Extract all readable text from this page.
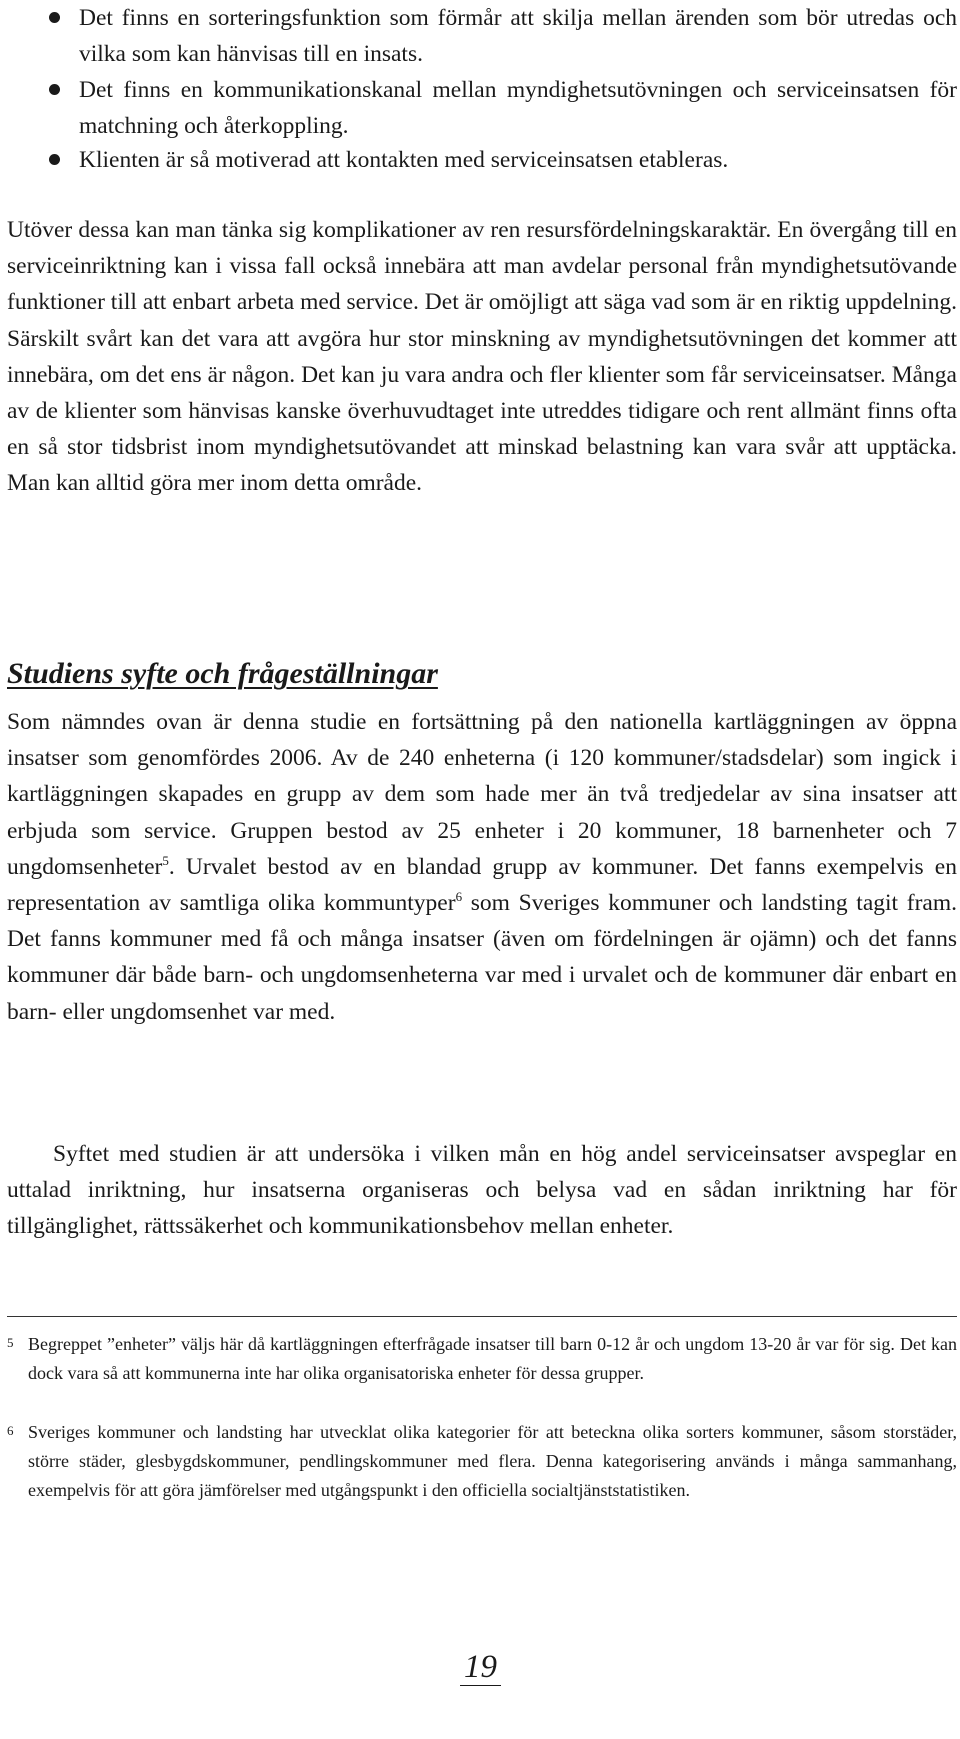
Det finns en sorteringsfunktion som förmår att skilja mellan ärenden som bör utredas och vilka som kan hänvisas till en insats.
Det finns en kommunikationskanal mellan myndighetsutövningen och serviceinsatsen för matchning och återkoppling.
Klienten är så motiverad att kontakten med serviceinsatsen etableras.

Utöver dessa kan man tänka sig komplikationer av ren resursfördelningskaraktär. En övergång till en serviceinriktning kan i vissa fall också innebära att man avdelar personal från myndighetsutövande funktioner till att enbart arbeta med service. Det är omöjligt att säga vad som är en riktig uppdelning. Särskilt svårt kan det vara att avgöra hur stor minskning av myndighetsutövningen det kommer att innebära, om det ens är någon. Det kan ju vara andra och fler klienter som får serviceinsatser. Många av de klienter som hänvisas kanske överhuvudtaget inte utreddes tidigare och rent allmänt finns ofta en så stor tidsbrist inom myndighetsutövandet att minskad belastning kan vara svår att upptäcka. Man kan alltid göra mer inom detta område.

Studiens syfte och frågeställningar

Som nämndes ovan är denna studie en fortsättning på den nationella kartläggningen av öppna insatser som genomfördes 2006. Av de 240 enheterna (i 120 kommuner/stadsdelar) som ingick i kartläggningen skapades en grupp av dem som hade mer än två tredjedelar av sina insatser att erbjuda som service. Gruppen bestod av 25 enheter i 20 kommuner, 18 barnenheter och 7 ungdomsenheter$^5$. Urvalet bestod av en blandad grupp av kommuner. Det fanns exempelvis en representation av samtliga olika kommuntyper$^6$ som Sveriges kommuner och landsting tagit fram. Det fanns kommuner med få och många insatser (även om fördelningen är ojämn) och det fanns kommuner där både barn- och ungdomsenheterna var med i urvalet och de kommuner där enbart en barn- eller ungdomsenhet var med.

Syftet med studien är att undersöka i vilken mån en hög andel serviceinsatser avspeglar en uttalad inriktning, hur insatserna organiseras och belysa vad en sådan inriktning har för tillgänglighet, rättssäkerhet och kommunikationsbehov mellan enheter.

5 Begreppet ”enheter” väljs här då kartläggningen efterfrågade insatser till barn 0-12 år och ungdom 13-20 år var för sig. Det kan dock vara så att kommunerna inte har olika organisatoriska enheter för dessa grupper.
6 Sveriges kommuner och landsting har utvecklat olika kategorier för att beteckna olika sorters kommuner, såsom storstäder, större städer, glesbygdskommuner, pendlingskommuner med flera. Denna kategorisering används i många sammanhang, exempelvis för att göra jämförelser med utgångspunkt i den officiella socialtjänststatistiken.
19
